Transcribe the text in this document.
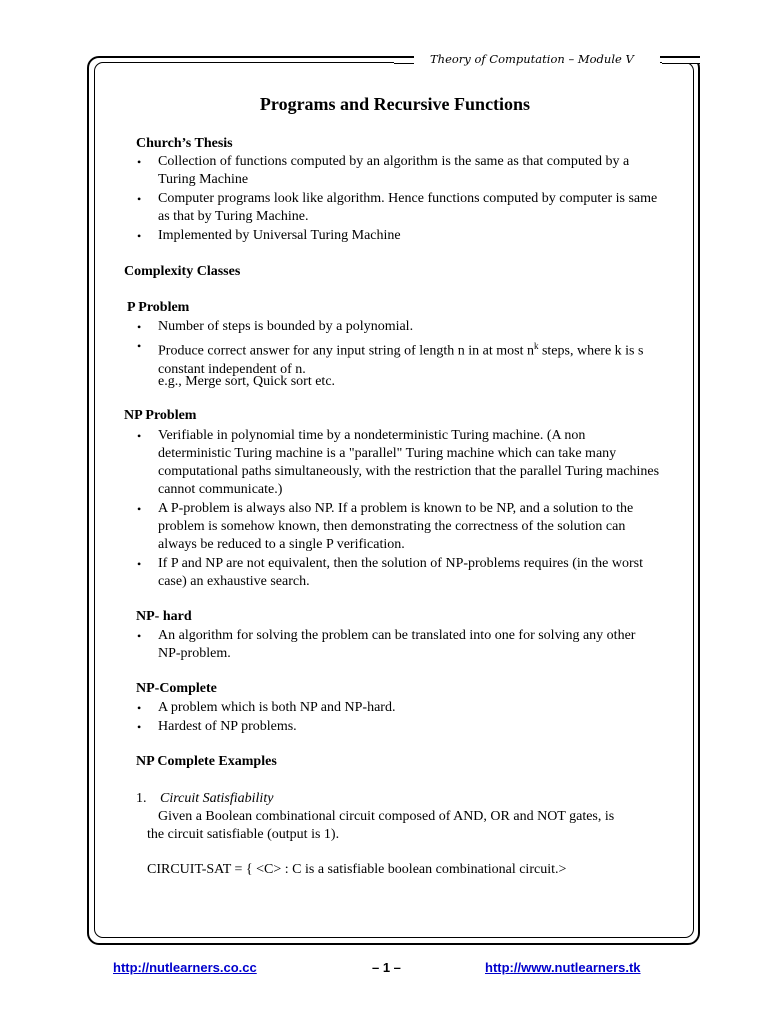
Theory of Computation – Module V
Programs and Recursive Functions
Church’s Thesis
• Collection of functions computed by an algorithm is the same as that computed by a Turing Machine
• Computer programs look like algorithm. Hence functions computed by computer is same as that by Turing Machine.
• Implemented by Universal Turing Machine
Complexity Classes
P Problem
• Number of steps is bounded by a polynomial.
• Produce correct answer for any input string of length n in at most $n^k$ steps, where k is s constant independent of n.
e.g., Merge sort, Quick sort etc.
NP Problem
• Verifiable in polynomial time by a nondeterministic Turing machine. (A non deterministic Turing machine is a "parallel" Turing machine which can take many computational paths simultaneously, with the restriction that the parallel Turing machines cannot communicate.)
• A P-problem is always also NP. If a problem is known to be NP, and a solution to the problem is somehow known, then demonstrating the correctness of the solution can always be reduced to a single P verification.
• If P and NP are not equivalent, then the solution of NP-problems requires (in the worst case) an exhaustive search.
NP- hard
• An algorithm for solving the problem can be translated into one for solving any other NP-problem.
NP-Complete
• A problem which is both NP and NP-hard.
• Hardest of NP problems.
NP Complete Examples
1. Circuit Satisfiability
Given a Boolean combinational circuit composed of AND, OR and NOT gates, is
the circuit satisfiable (output is 1).
CIRCUIT-SAT = { <C> : C is a satisfiable boolean combinational circuit.>
http://nutlearners.co.cc	– 1 –	http://www.nutlearners.tk
